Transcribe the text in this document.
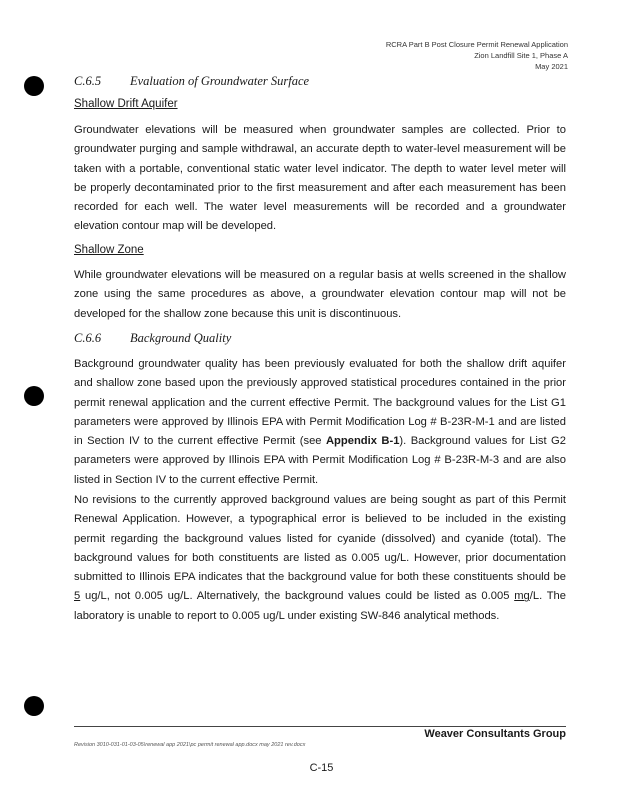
RCRA Part B Post Closure Permit Renewal Application
Zion Landfill Site 1, Phase A
May 2021
C.6.5 Evaluation of Groundwater Surface
Shallow Drift Aquifer
Groundwater elevations will be measured when groundwater samples are collected. Prior to groundwater purging and sample withdrawal, an accurate depth to water-level measurement will be taken with a portable, conventional static water level indicator. The depth to water level meter will be properly decontaminated prior to the first measurement and after each measurement has been recorded for each well. The water level measurements will be recorded and a groundwater elevation contour map will be developed.
Shallow Zone
While groundwater elevations will be measured on a regular basis at wells screened in the shallow zone using the same procedures as above, a groundwater elevation contour map will not be developed for the shallow zone because this unit is discontinuous.
C.6.6 Background Quality
Background groundwater quality has been previously evaluated for both the shallow drift aquifer and shallow zone based upon the previously approved statistical procedures contained in the prior permit renewal application and the current effective Permit. The background values for the List G1 parameters were approved by Illinois EPA with Permit Modification Log # B-23R-M-1 and are listed in Section IV to the current effective Permit (see Appendix B-1). Background values for List G2 parameters were approved by Illinois EPA with Permit Modification Log # B-23R-M-3 and are also listed in Section IV to the current effective Permit.
No revisions to the currently approved background values are being sought as part of this Permit Renewal Application. However, a typographical error is believed to be included in the existing permit regarding the background values listed for cyanide (dissolved) and cyanide (total). The background values for both constituents are listed as 0.005 ug/L. However, prior documentation submitted to Illinois EPA indicates that the background value for both these constituents should be 5 ug/L, not 0.005 ug/L. Alternatively, the background values could be listed as 0.005 mg/L. The laboratory is unable to report to 0.005 ug/L under existing SW-846 analytical methods.
Weaver Consultants Group
Revision 3010-031-01-03-05\renewal app 2021\pc permit renewal app.docx may 2021 rev.docx
C-15
